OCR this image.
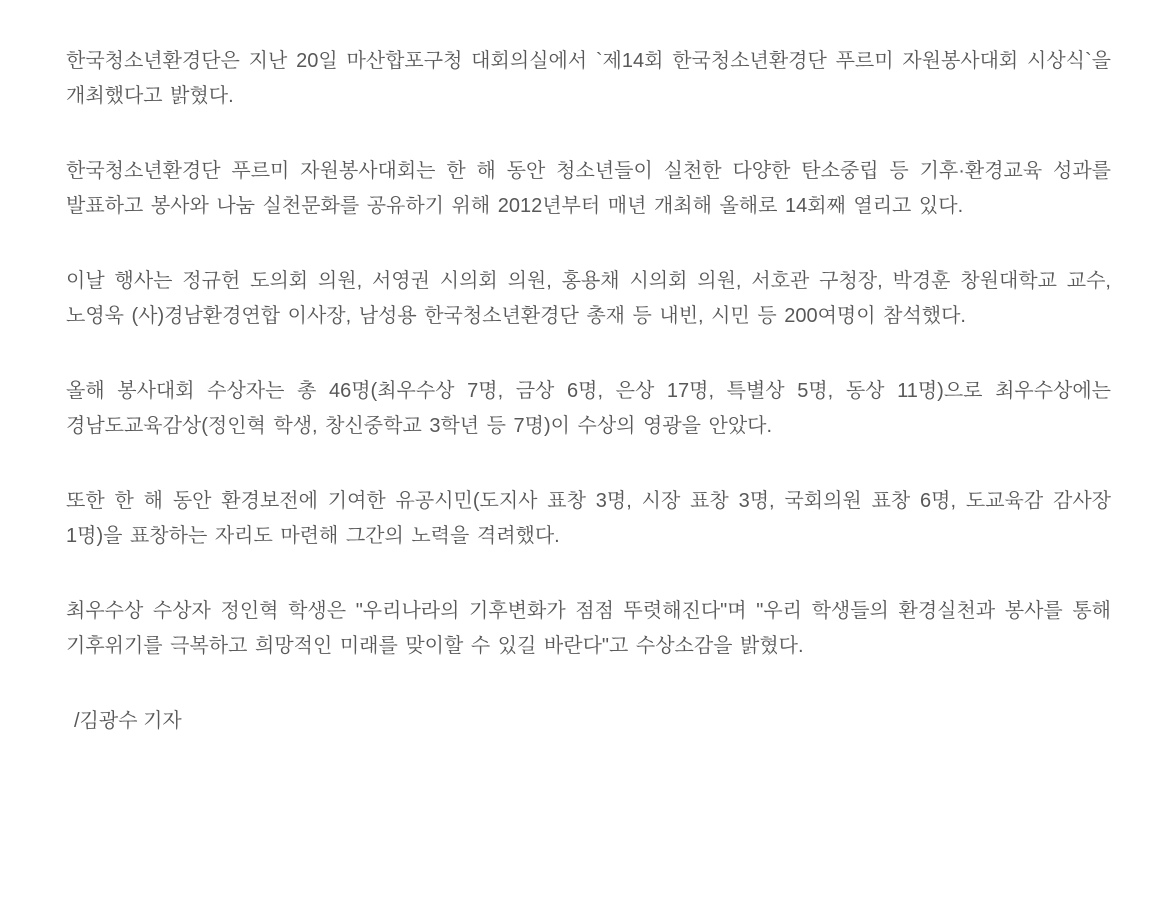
한국청소년환경단은 지난 20일 마산합포구청 대회의실에서 `제14회 한국청소년환경단 푸르미 자원봉사대회 시상식`을 개최했다고 밝혔다.

한국청소년환경단 푸르미 자원봉사대회는 한 해 동안 청소년들이 실천한 다양한 탄소중립 등 기후·환경교육 성과를 발표하고 봉사와 나눔 실천문화를 공유하기 위해 2012년부터 매년 개최해 올해로 14회째 열리고 있다.

이날 행사는 정규헌 도의회 의원, 서영권 시의회 의원, 홍용채 시의회 의원, 서호관 구청장, 박경훈 창원대학교 교수, 노영욱 (사)경남환경연합 이사장, 남성용 한국청소년환경단 총재 등 내빈, 시민 등 200여명이 참석했다.

올해 봉사대회 수상자는 총 46명(최우수상 7명, 금상 6명, 은상 17명, 특별상 5명, 동상 11명)으로 최우수상에는 경남도교육감상(정인혁 학생, 창신중학교 3학년 등 7명)이 수상의 영광을 안았다.

또한 한 해 동안 환경보전에 기여한 유공시민(도지사 표창 3명, 시장 표창 3명, 국회의원 표창 6명, 도교육감 감사장 1명)을 표창하는 자리도 마련해 그간의 노력을 격려했다.

최우수상 수상자 정인혁 학생은 "우리나라의 기후변화가 점점 뚜렷해진다"며 "우리 학생들의 환경실천과 봉사를 통해 기후위기를 극복하고 희망적인 미래를 맞이할 수 있길 바란다"고 수상소감을 밝혔다.

/김광수 기자
